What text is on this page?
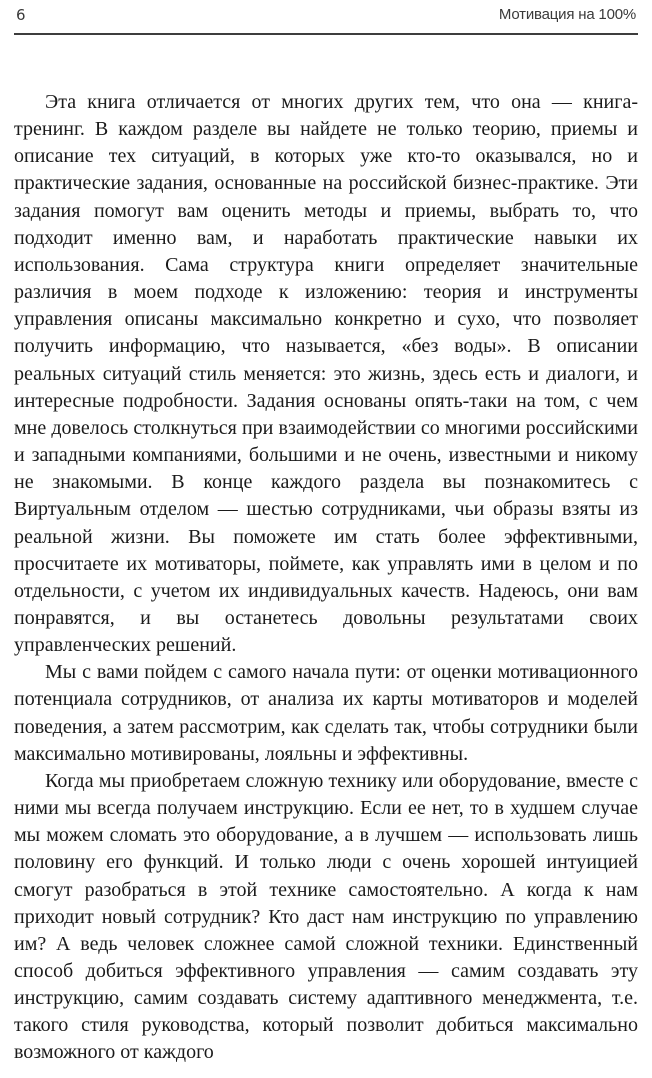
6	Мотивация на 100%

Эта книга отличается от многих других тем, что она — книга-тренинг. В каждом разделе вы найдете не только теорию, приемы и описание тех ситуаций, в которых уже кто-то оказывался, но и практические задания, основанные на российской бизнес-практике. Эти задания помогут вам оценить методы и приемы, выбрать то, что подходит именно вам, и наработать практические навыки их использования. Сама структура книги определяет значительные различия в моем подходе к изложению: теория и инструменты управления описаны максимально конкретно и сухо, что позволяет получить информацию, что называется, «без воды». В описании реальных ситуаций стиль меняется: это жизнь, здесь есть и диалоги, и интересные подробности. Задания основаны опять-таки на том, с чем мне довелось столкнуться при взаимодействии со многими российскими и западными компаниями, большими и не очень, известными и никому не знакомыми. В конце каждого раздела вы познакомитесь с Виртуальным отделом — шестью сотрудниками, чьи образы взяты из реальной жизни. Вы поможете им стать более эффективными, просчитаете их мотиваторы, поймете, как управлять ими в целом и по отдельности, с учетом их индивидуальных качеств. Надеюсь, они вам понравятся, и вы останетесь довольны результатами своих управленческих решений.

Мы с вами пойдем с самого начала пути: от оценки мотивационного потенциала сотрудников, от анализа их карты мотиваторов и моделей поведения, а затем рассмотрим, как сделать так, чтобы сотрудники были максимально мотивированы, лояльны и эффективны.

Когда мы приобретаем сложную технику или оборудование, вместе с ними мы всегда получаем инструкцию. Если ее нет, то в худшем случае мы можем сломать это оборудование, а в лучшем — использовать лишь половину его функций. И только люди с очень хорошей интуицией смогут разобраться в этой технике самостоятельно. А когда к нам приходит новый сотрудник? Кто даст нам инструкцию по управлению им? А ведь человек сложнее самой сложной техники. Единственный способ добиться эффективного управления — самим создавать эту инструкцию, самим создавать систему адаптивного менеджмента, т.е. такого стиля руководства, который позволит добиться максимально возможного от каждого
